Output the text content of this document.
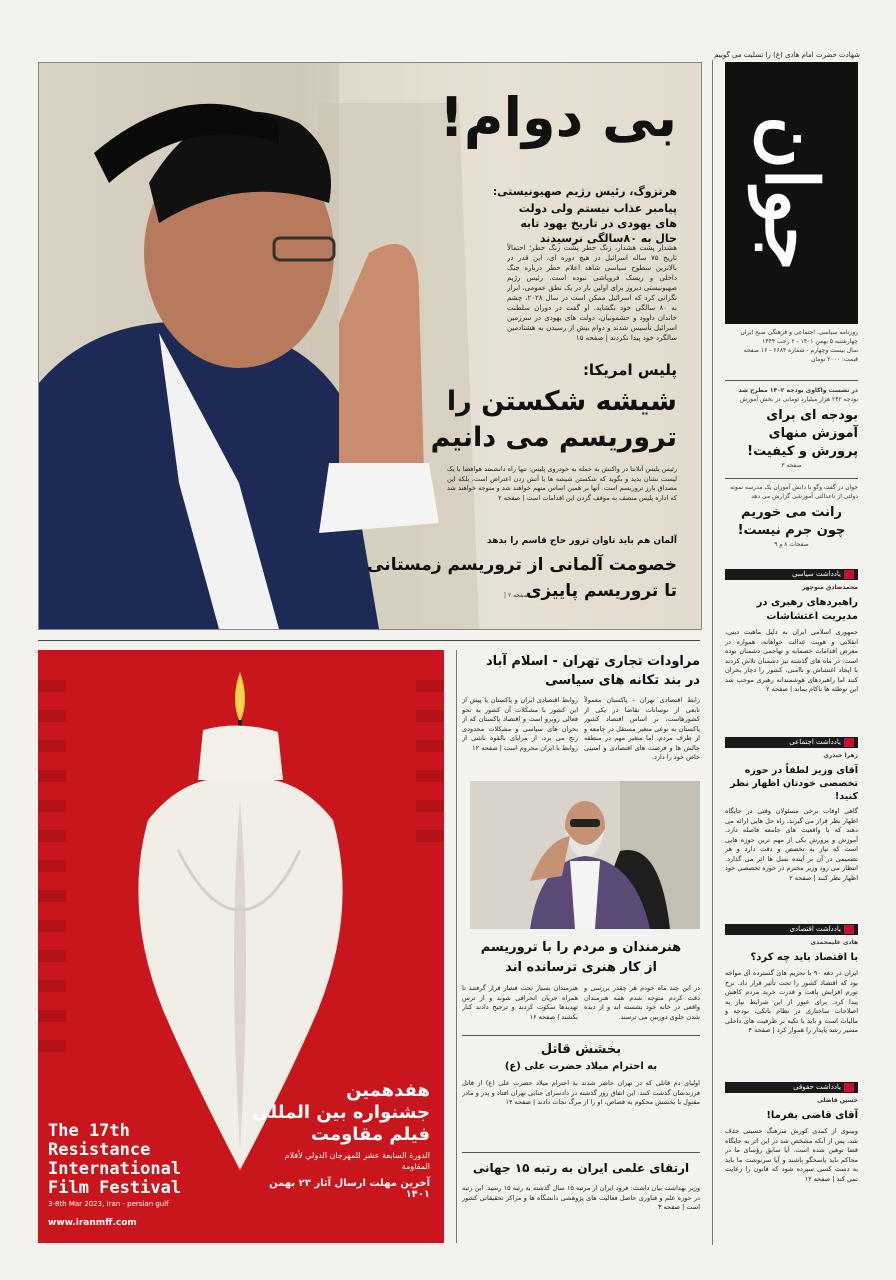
شهادت حضرت امام هادی (ع) را تسلیت می گوییم
جوان
روزنامه سیاسی، اجتماعی و فرهنگی صبح ایران
چهارشنبه ۵ بهمن ۱۴۰۱ - ۲ رجب ۱۴۴۴
سال بیست وچهارم - شماره ۶۶۸۴ - ۱۶ صفحه
قیمت: ۲۰۰۰ تومان
در نشست واکاوی بودجه ۱۴۰۲ مطرح شد
بودجه ۲۴۲ هزار میلیارد تومانی در بخش آموزش
بودجه ای برای آموزش منهای پرورش و کیفیت!
صفحه ۳
جوان در گفت وگو با دانش آموزان یک مدرسه نمونه دولتی از ناعدالتی آموزشی گزارش می دهد
رانت می خوریم چون جرم نیست!
صفحات ۸ و ۹
یادداشت سیاسی
محمدصادق منوچهر
راهبردهای رهبری در مدیریت اغتشاشات
جمهوری اسلامی ایران به دلیل ماهیت دینی، انقلابی و هویت عدالت خواهانه، همواره در معرض اقدامات خصمانه و تهاجمی دشمنان بوده است. در ماه های گذشته نیز دشمنان تلاش کردند با ایجاد اغتشاش و ناامنی، کشور را دچار بحران کنند اما راهبردهای هوشمندانه رهبری موجب شد این توطئه ها ناکام بماند | صفحه ۲
یادداشت اجتماعی
زهرا حیدری
آقای وزیر لطفاً در حوزه تخصصی خودتان اظهار نظر کنید!
گاهی اوقات برخی مسئولان وقتی در جایگاه اظهار نظر قرار می گیرند، راه حل هایی ارائه می دهند که با واقعیت های جامعه فاصله دارد. آموزش و پرورش یکی از مهم ترین حوزه هایی است که نیاز به تخصص و دقت دارد و هر تصمیمی در آن بر آینده نسل ها اثر می گذارد. انتظار می رود وزیر محترم در حوزه تخصصی خود اظهار نظر کنند | صفحه ۲
یادداشت اقتصادی
هادی علیمحمدی
با اقتصاد باید چه کرد؟
ایران در دهه ۹۰ با تحریم های گسترده ای مواجه بود که اقتصاد کشور را تحت تأثیر قرار داد. نرخ تورم افزایش یافت و قدرت خرید مردم کاهش پیدا کرد. برای عبور از این شرایط نیاز به اصلاحات ساختاری در نظام بانکی، بودجه و مالیات است و باید با تکیه بر ظرفیت های داخلی مسیر رشد پایدار را هموار کرد | صفحه ۴
یادداشت حقوقی
حسین فاضلی
آقای قاضی بفرما!
وبینوی از کمدی کورش سرهنگ حسینی حذف شد، پس از آنکه مشخص شد در این اثر به جایگاه قضا توهین شده است. آیا سابق رؤسای ما در محاکم باید پاسخگو باشند و آیا سرنوشت ما باید به دست کسی سپرده شود که قانون را رعایت نمی کند | صفحه ۱۲
بی دوام!
هرتزوگ، رئیس رژیم صهیونیستی:
پیامبر عذاب نیستم ولی دولت های یهودی در تاریخ یهود تابه حال به ۸۰سالگی نرسیدند
هشدار پشت هشدار، زنگ خطر پشت زنگ خطر؛ احتمالاً تاریخ ۷۵ ساله اسرائیل در هیچ دوره ای، این قدر در بالاترین سطوح سیاسی شاهد اعلام خطر درباره جنگ داخلی و ریسک فروپاشی نبوده است. رئیس رژیم صهیونیستی دیروز برای اولین بار در یک نطق عمومی، ابراز نگرانی کرد که اسرائیل ممکن است در سال ۲۰۲۸، چشم به ۸۰ سالگی خود نگشاید. او گفت در دوران سلطنت خاندان داوود و حشمونیان، دولت های یهودی در سرزمین اسرائیل تأسیس شدند و دوام بیش از رسیدن به هشتادمین سالگرد خود پیدا نکردند | صفحه ۱۵
پلیس امریکا:
شیشه شکستن را
تروریسم می دانیم
رئیس پلیس آتلانتا در واکنش به حمله به خودروی پلیس: تنها راه دانشمند هوافضا با یک لیست نشان بدید و بگوید که شکستن شیشه ها با آتش زدن اعتراض است، بلکه این مصداق بارز تروریسم است. آنها بر همین اساس متهم خواهند شد و متوجه خواهند شد که اداره پلیس منصف به موقف گردن این اقدامات است | صفحه ۲
آلمان هم باید تاوان ترور حاج قاسم را بدهد
خصومت آلمانی از تروریسم زمستانی
تا تروریسم پاییزی
| صفحه ۲
هفدهمین
جشنواره بین المللی
فیلم مقاومت
الدورة السابعة عشر للمهرجان الدولي لأفلام المقاومة
آخرین مهلت ارسال آثار ۲۳ بهمن ۱۴۰۱
The 17th Resistance International Film Festival
3-8th Mar 2023, Iran - persian gulf
www.iranmff.com
مراودات تجاری تهران - اسلام آباد
در بند تکانه های سیاسی
رابط اقتصادی تهران - پاکستان معمولاً تابعی از نوسانات تقاضا در یکی از کشورهاست، بر اساس اقتصاد کشور پاکستان به نوعی متغیر مستقل در جامعه و از طرف مردم، اما متغیر مهم در منطقه چالش ها و فرصت های اقتصادی و امنیتی خاص خود را دارد.
روابط اقتصادی ایران و پاکستان با پیش از این کشور با مشکلات آن کشور به نحو فعالی روبرو است و اقتصاد پاکستان که از بحران های سیاسی و مشکلات محدودی رنج می برد، از مزایای بالقوه ناشی از روابط با ایران محروم است | صفحه ۱۲
هنرمندان و مردم را با تروریسم
از کار هنری ترسانده اند
در این چند ماه خودم هر چقدر بررسی و دقت کردم متوجه شدم همه هنرمندان واقعی در خانه خود نشسته اند و از دیده شدن جلوی دوربین می ترسند.
هنرمندان بسیار تحت فشار قرار گرفتند تا همراه جریان انحرافی شوند و از ترس تهدیدها سکوت کردند و ترجیح دادند کنار بکشند | صفحه ۱۶
بخشش قاتل
به احترام میلاد حضرت علی (ع)
اولیای دم قاتلی که در تهران حاضر شدند به احترام میلاد حضرت علی (ع) از قاتل فرزندشان گذشت کنند. این اتفاق روز گذشته در دادسرای جنایی تهران افتاد و پدر و مادر مقتول با بخشش محکوم به قصاص، او را از مرگ نجات دادند | صفحه ۱۴
ارتقای علمی ایران به رتبه ۱۵ جهانی
وزیر بهداشت بیان داشت: فرود ایران از مرتبه ۱۵ سال گذشته به رتبه ۱۵ رسید. این رتبه در حوزه علم و فناوری حاصل فعالیت های پژوهشی دانشگاه ها و مراکز تحقیقاتی کشور است | صفحه ۳
